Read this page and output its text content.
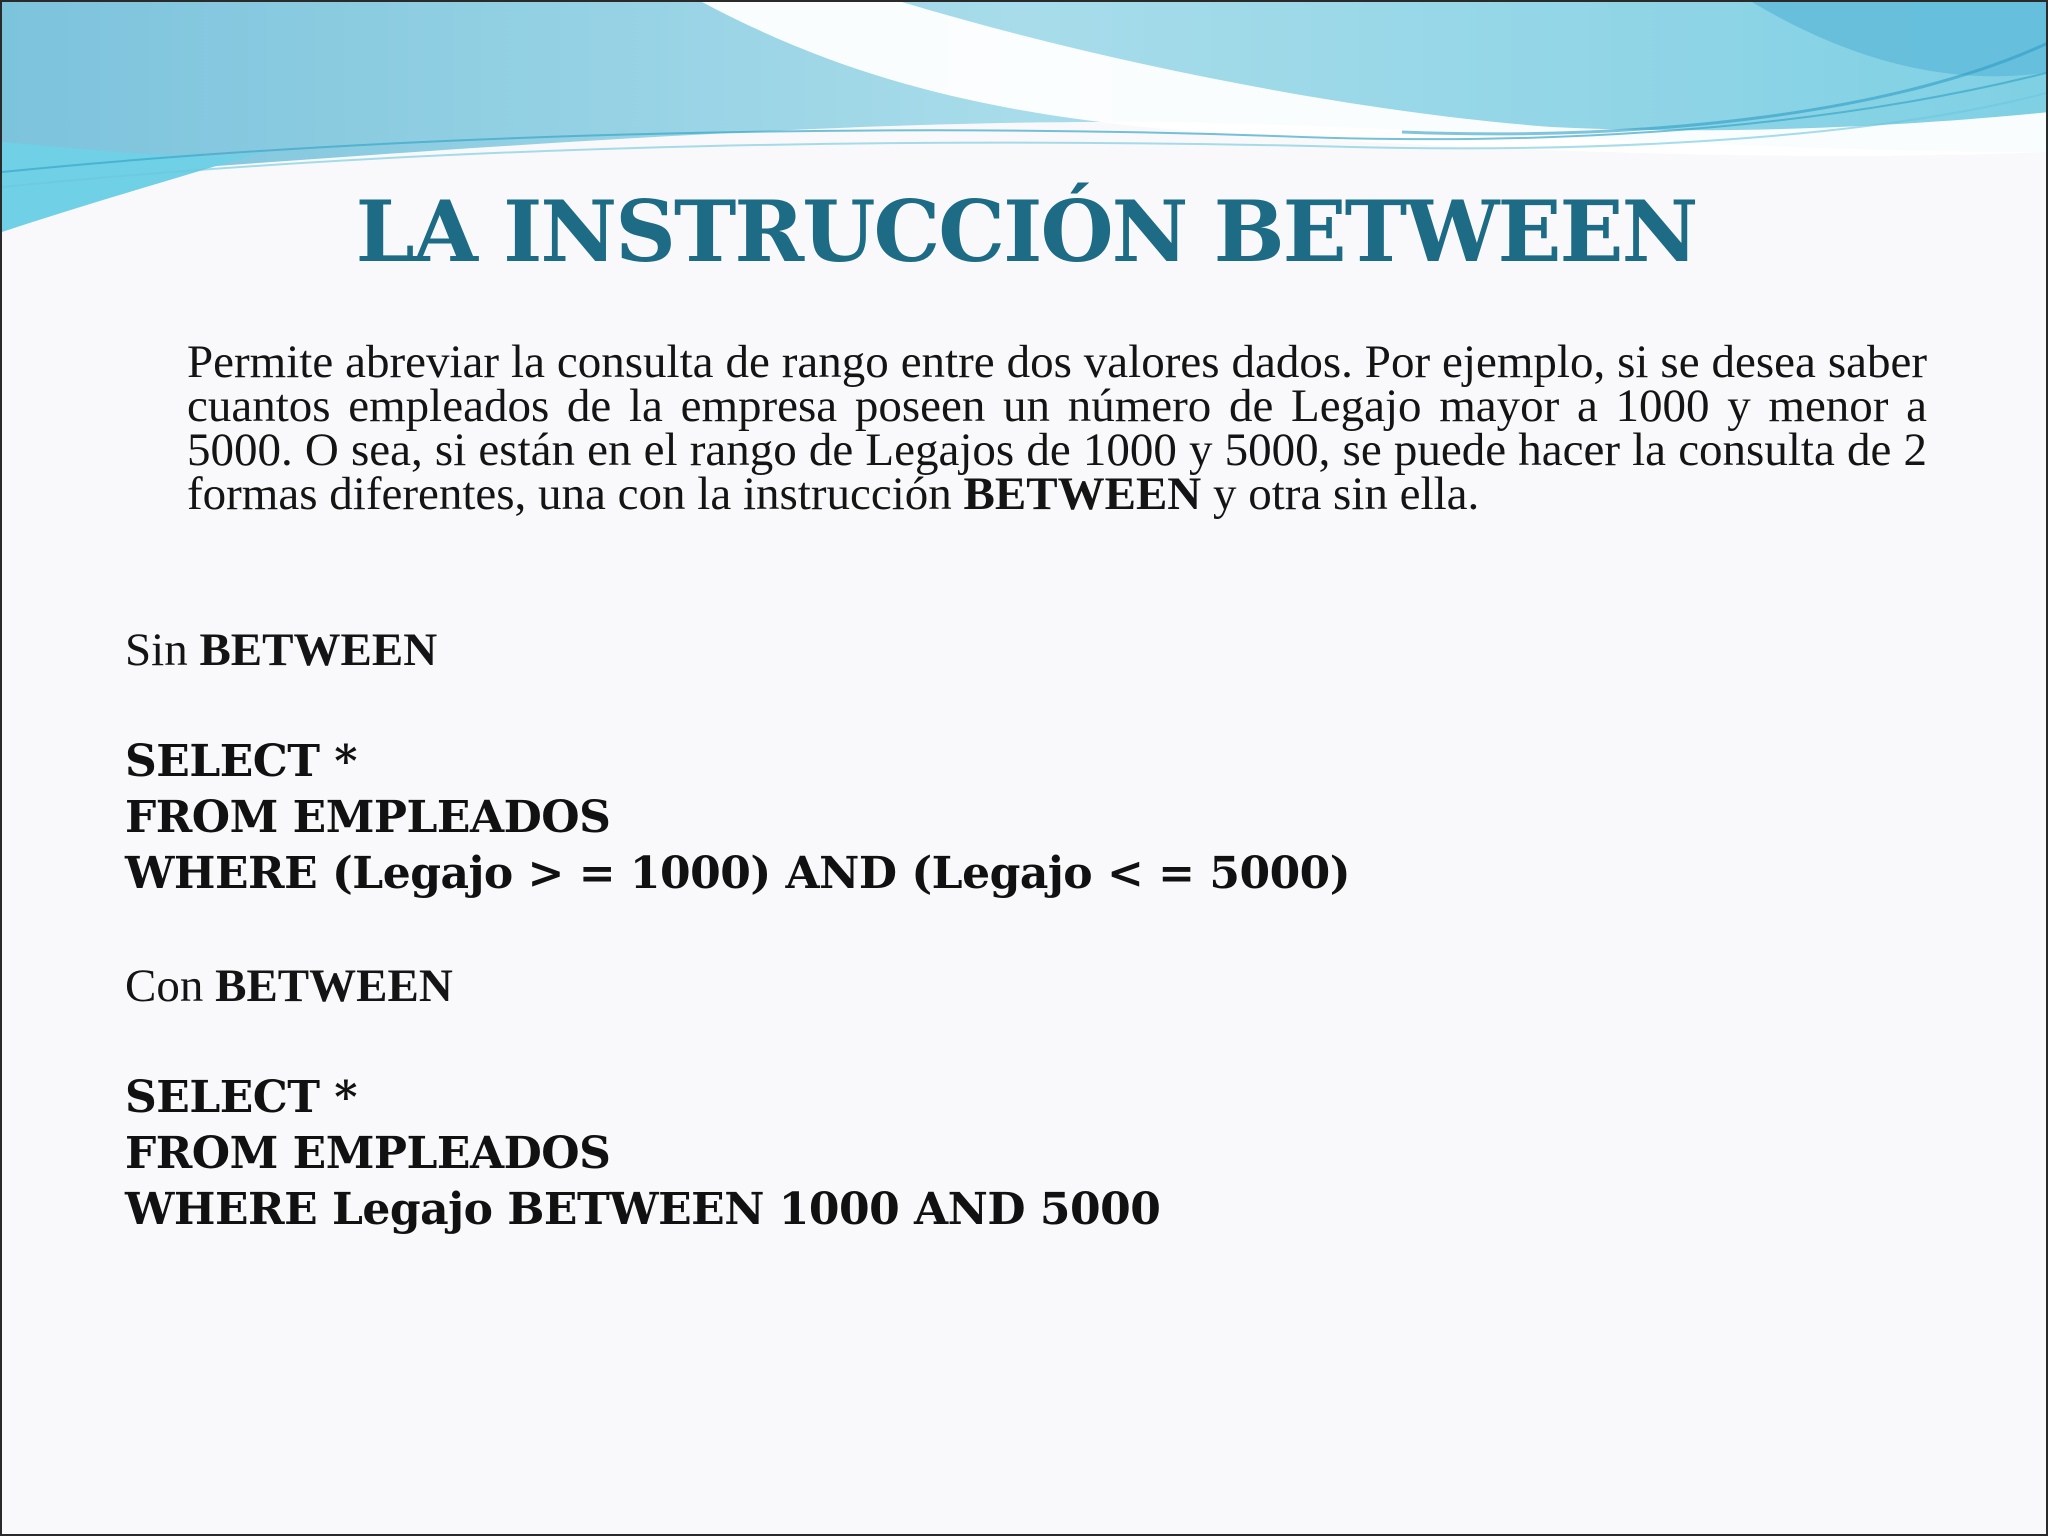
LA INSTRUCCIÓN BETWEEN

Permite abreviar la consulta de rango entre dos valores dados. Por ejemplo, si se desea saber cuantos empleados de la empresa poseen un número de Legajo mayor a 1000 y menor a 5000. O sea, si están en el rango de Legajos de 1000 y 5000, se puede hacer la consulta de 2 formas diferentes, una con la instrucción BETWEEN y otra sin ella.

Sin BETWEEN

SELECT *
FROM EMPLEADOS
WHERE (Legajo > = 1000) AND (Legajo < = 5000)

Con BETWEEN

SELECT *
FROM EMPLEADOS
WHERE Legajo BETWEEN 1000 AND 5000
